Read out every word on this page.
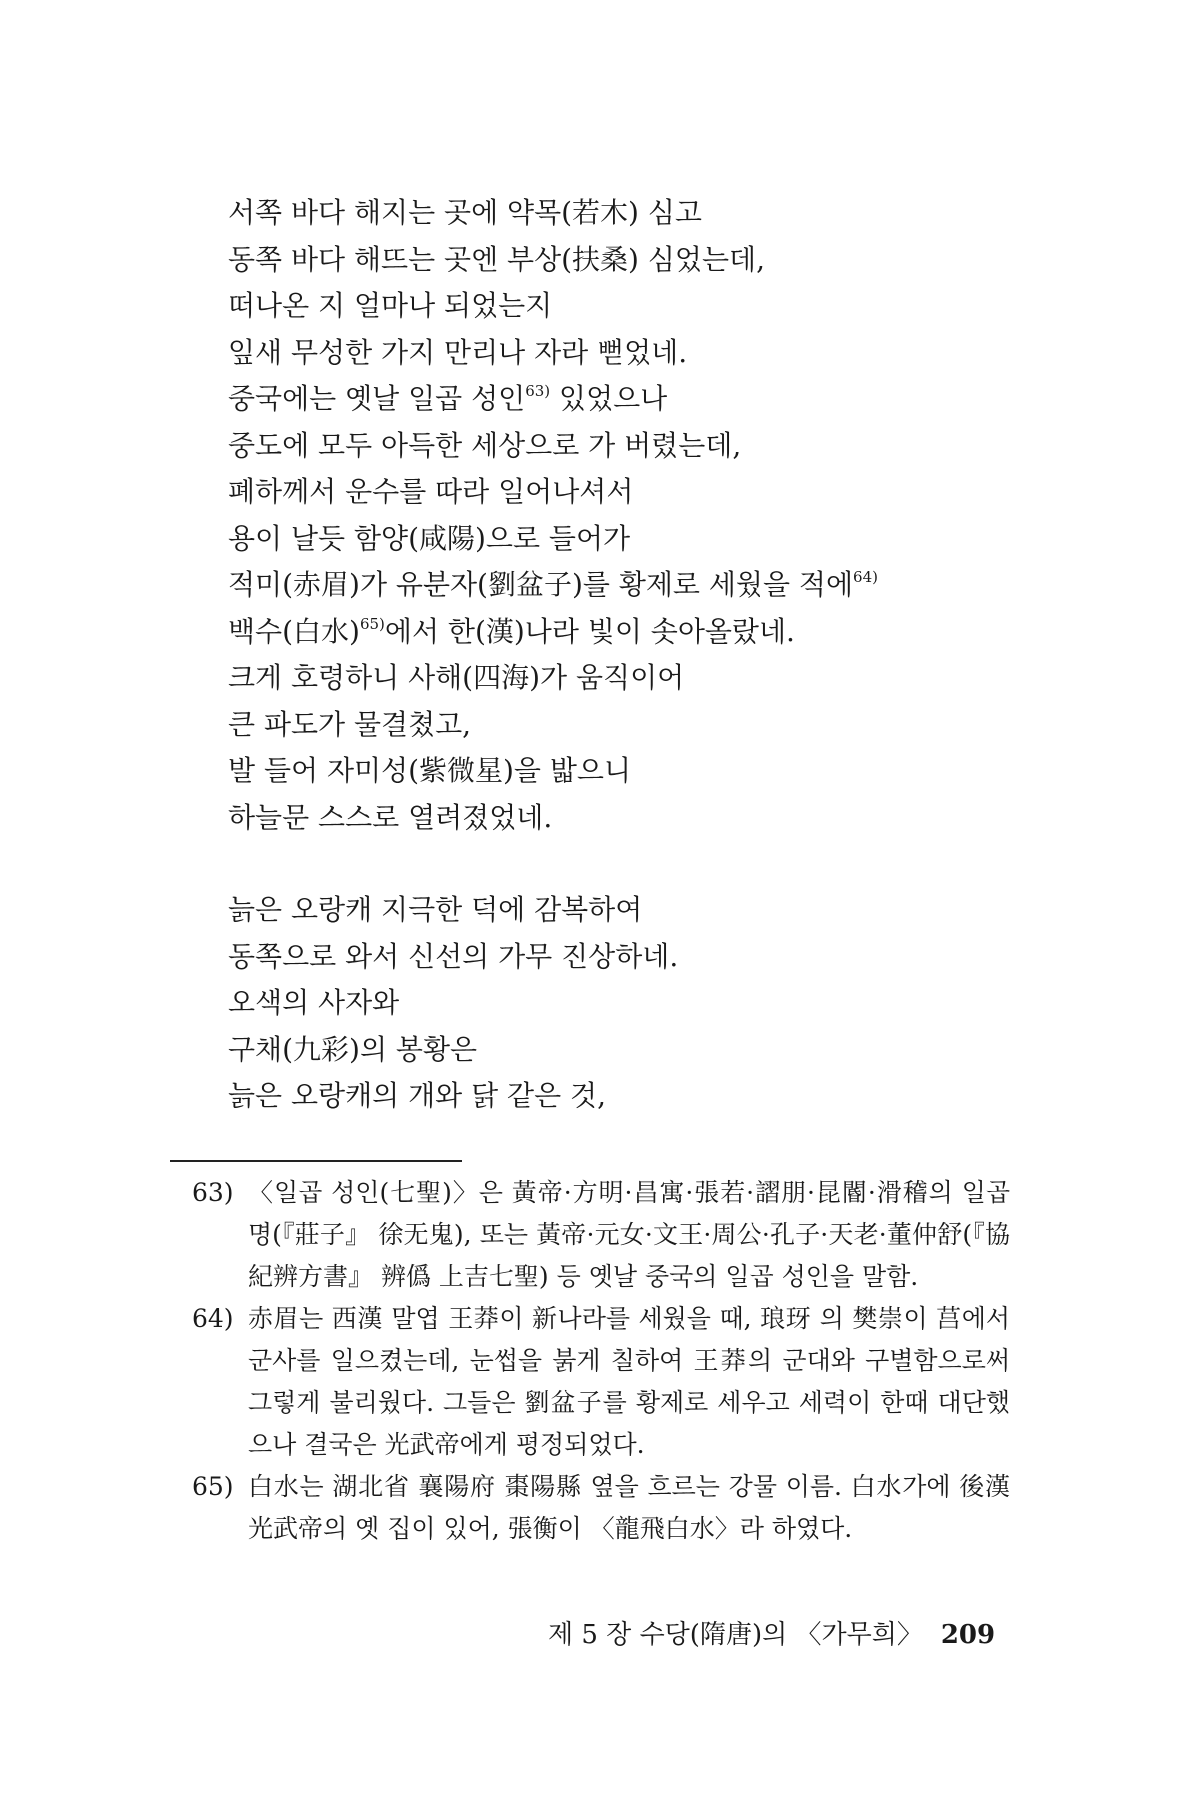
서쪽 바다 해지는 곳에 약목(若木) 심고
동쪽 바다 해뜨는 곳엔 부상(扶桑) 심었는데,
떠나온 지 얼마나 되었는지
잎새 무성한 가지 만리나 자라 뻗었네.
중국에는 옛날 일곱 성인$^{63)}$ 있었으나
중도에 모두 아득한 세상으로 가 버렸는데,
폐하께서 운수를 따라 일어나셔서
용이 날듯 함양(咸陽)으로 들어가
적미(赤眉)가 유분자(劉盆子)를 황제로 세웠을 적에$^{64)}$
백수(白水)$^{65)}$에서 한(漢)나라 빛이 솟아올랐네.
크게 호령하니 사해(四海)가 움직이어
큰 파도가 물결쳤고,
발 들어 자미성(紫微星)을 밟으니
하늘문 스스로 열려졌었네.
늙은 오랑캐 지극한 덕에 감복하여
동쪽으로 와서 신선의 가무 진상하네.
오색의 사자와
구채(九彩)의 봉황은
늙은 오랑캐의 개와 닭 같은 것,
63) 〈일곱 성인(七聖)〉은 黃帝·方明·昌寓·張若·謵朋·昆閽·滑稽의 일곱 명(『莊子』 徐无鬼), 또는 黃帝·元女·文王·周公·孔子·天老·董仲舒(『協紀辨方書』 辨僞 上吉七聖) 등 옛날 중국의 일곱 성인을 말함.
64) 赤眉는 西漢 말엽 王莽이 新나라를 세웠을 때, 琅玡 의 樊崇이 莒에서 군사를 일으켰는데, 눈썹을 붉게 칠하여 王莽의 군대와 구별함으로써 그렇게 불리웠다. 그들은 劉盆子를 황제로 세우고 세력이 한때 대단했으나 결국은 光武帝에게 평정되었다.
65) 白水는 湖北省 襄陽府 棗陽縣 옆을 흐르는 강물 이름. 白水가에 後漢 光武帝의 옛 집이 있어, 張衡이 〈龍飛白水〉라 하였다.
제 5 장 수당(隋唐)의 〈가무희〉 209
